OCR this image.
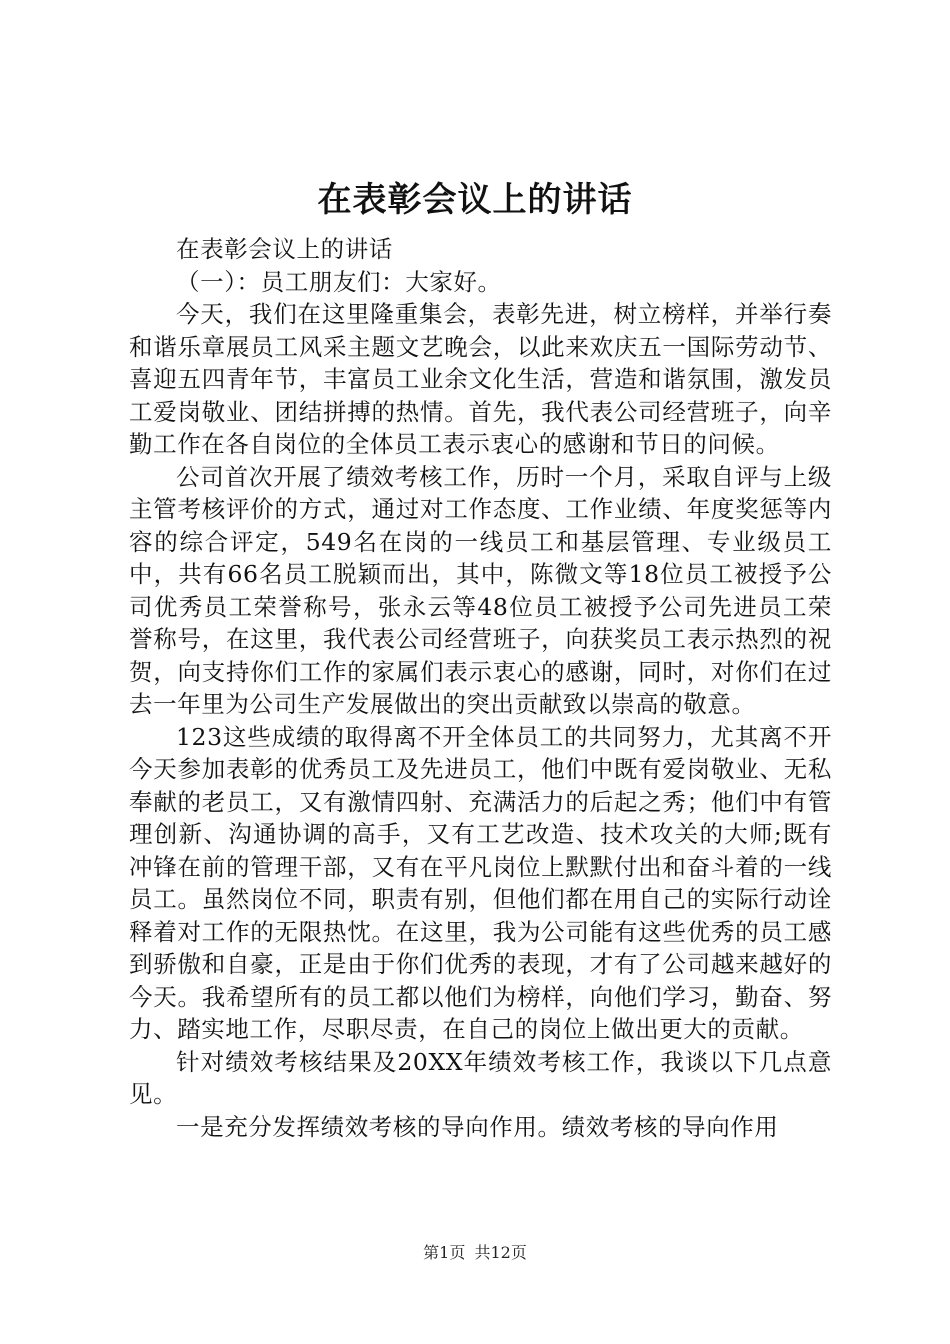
在表彰会议上的讲话

在表彰会议上的讲话

（一）：员工朋友们：大家好。

今天，我们在这里隆重集会，表彰先进，树立榜样，并举行奏和谐乐章展员工风采主题文艺晚会，以此来欢庆五一国际劳动节、喜迎五四青年节，丰富员工业余文化生活，营造和谐氛围，激发员工爱岗敬业、团结拼搏的热情。首先，我代表公司经营班子，向辛勤工作在各自岗位的全体员工表示衷心的感谢和节日的问候。

公司首次开展了绩效考核工作，历时一个月，采取自评与上级主管考核评价的方式，通过对工作态度、工作业绩、年度奖惩等内容的综合评定，549名在岗的一线员工和基层管理、专业级员工中，共有66名员工脱颖而出，其中，陈微文等18位员工被授予公司优秀员工荣誉称号，张永云等48位员工被授予公司先进员工荣誉称号，在这里，我代表公司经营班子，向获奖员工表示热烈的祝贺，向支持你们工作的家属们表示衷心的感谢，同时，对你们在过去一年里为公司生产发展做出的突出贡献致以崇高的敬意。

123这些成绩的取得离不开全体员工的共同努力，尤其离不开今天参加表彰的优秀员工及先进员工，他们中既有爱岗敬业、无私奉献的老员工，又有激情四射、充满活力的后起之秀；他们中有管理创新、沟通协调的高手，又有工艺改造、技术攻关的大师;既有冲锋在前的管理干部，又有在平凡岗位上默默付出和奋斗着的一线员工。虽然岗位不同，职责有别，但他们都在用自己的实际行动诠释着对工作的无限热忱。在这里，我为公司能有这些优秀的员工感到骄傲和自豪，正是由于你们优秀的表现，才有了公司越来越好的今天。我希望所有的员工都以他们为榜样，向他们学习，勤奋、努力、踏实地工作，尽职尽责，在自己的岗位上做出更大的贡献。

针对绩效考核结果及20XX年绩效考核工作，我谈以下几点意见。

一是充分发挥绩效考核的导向作用。绩效考核的导向作用

第1页 共12页
